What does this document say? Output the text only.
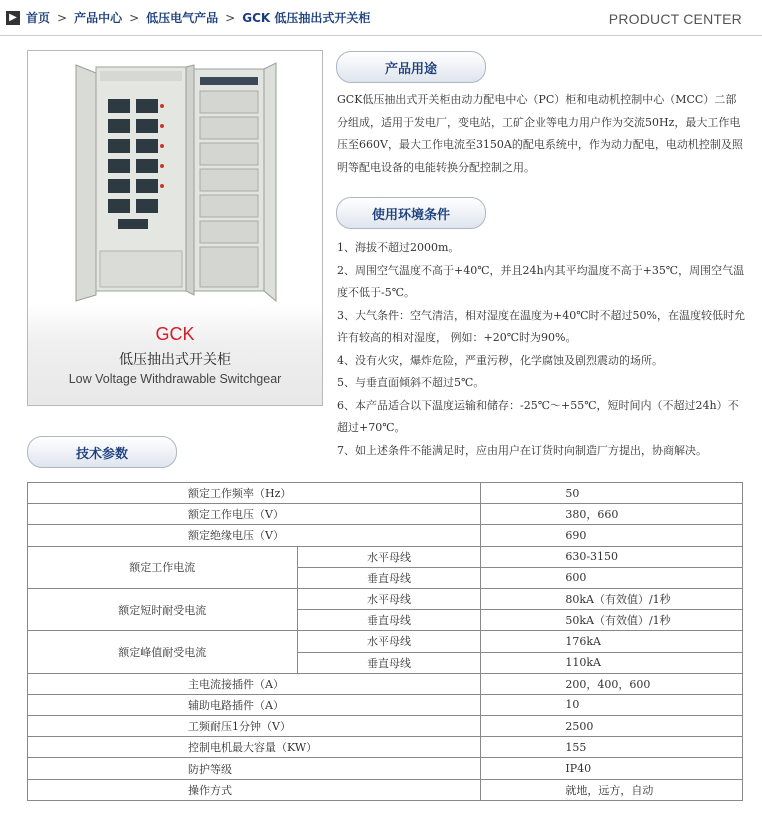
▶ 首页 > 产品中心 > 低压电气产品 > GCK 低压抽出式开关柜	PRODUCT CENTER
GCK
低压抽出式开关柜
Low Voltage Withdrawable Switchgear
产品用途
GCK低压抽出式开关柜由动力配电中心（PC）柜和电动机控制中心（MCC）二部分组成，适用于发电厂，变电站，工矿企业等电力用户作为交流50Hz，最大工作电压至660V，最大工作电流至3150A的配电系统中，作为动力配电，电动机控制及照明等配电设备的电能转换分配控制之用。
使用环境条件

1、海拔不超过2000m。

2、周围空气温度不高于+40℃，并且24h内其平均温度不高于+35℃，周围空气温度不低于-5℃。

3、大气条件：空气清洁，相对湿度在温度为+40℃时不超过50%，在温度较低时允许有较高的相对湿度， 例如：+20℃时为90%。

4、没有火灾，爆炸危险，严重污秽，化学腐蚀及剧烈震动的场所。

5、与垂直面倾斜不超过5℃。

6、本产品适合以下温度运输和储存：-25℃～+55℃，短时间内（不超过24h）不超过+70℃。

7、如上述条件不能满足时，应由用户在订货时向制造厂方提出，协商解决。

技术参数
额定工作频率（Hz）		50
额定工作电压（V）		380，660
额定绝缘电压（V）		690
额定工作电流	水平母线	630-3150
	垂直母线	600
额定短时耐受电流	水平母线	80kA（有效值）/1秒
	垂直母线	50kA（有效值）/1秒
额定峰值耐受电流	水平母线	176kA
	垂直母线	110kA
主电流接插件（A）		200，400，600
辅助电路插件（A）		10
工频耐压1分钟（V）		2500
控制电机最大容量（KW）		155
防护等级		IP40
操作方式		就地，远方，自动
